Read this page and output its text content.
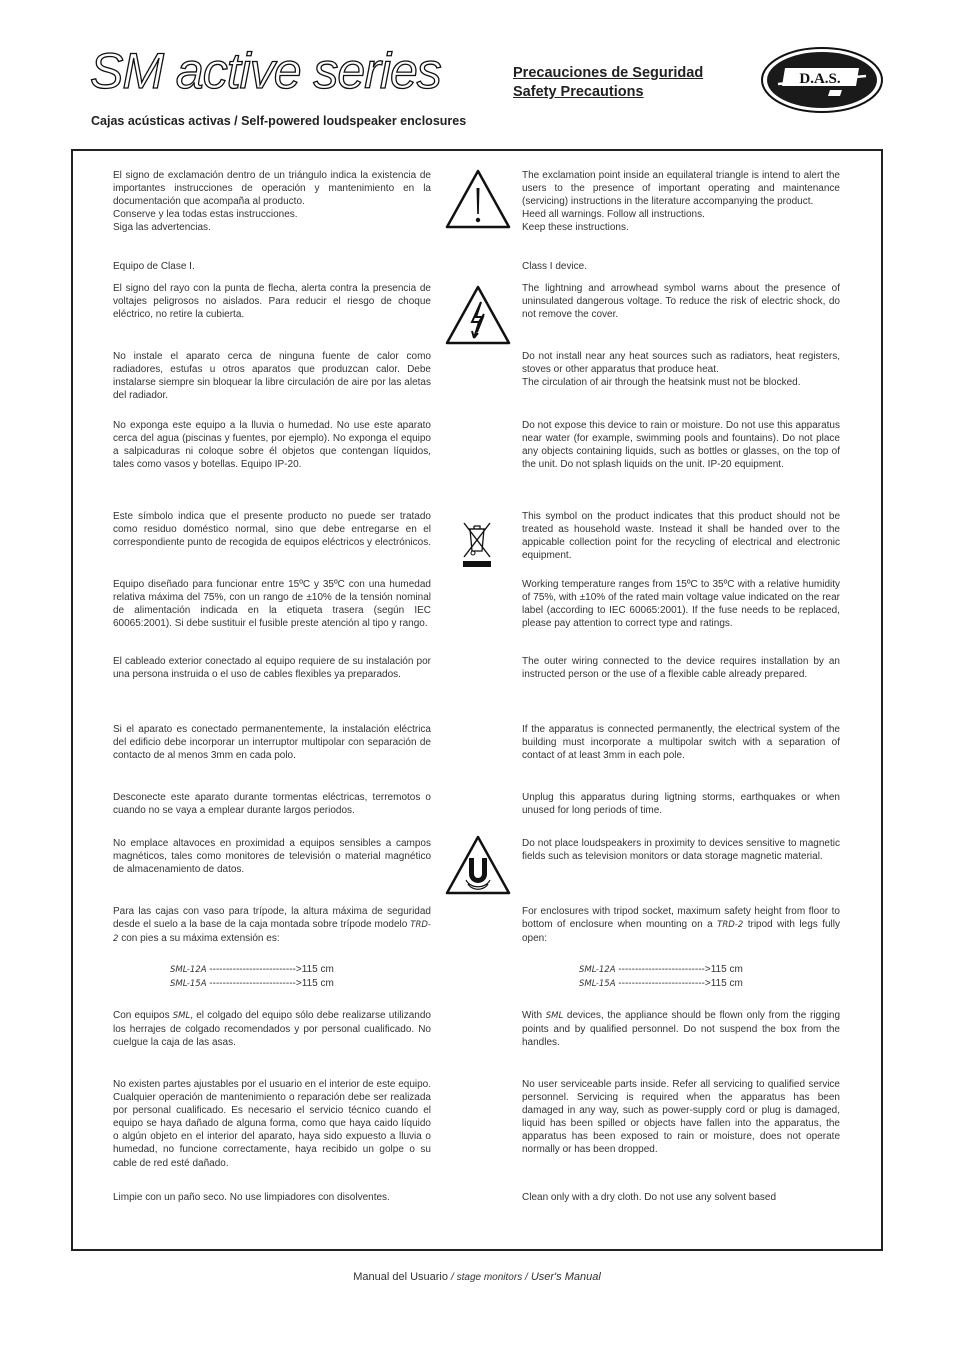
SM active series	Precauciones de Seguridad
Safety Precautions
D.A.S.
Cajas acústicas activas / Self-powered loudspeaker enclosures

El signo de exclamación dentro de un triángulo indica la existencia de importantes instrucciones de operación y mantenimiento en la documentación que acompaña al producto.

Conserve y lea todas estas instrucciones.

Siga las advertencias.

Equipo de Clase I.

El signo del rayo con la punta de flecha, alerta contra la presencia de voltajes peligrosos no aislados. Para reducir el riesgo de choque eléctrico, no retire la cubierta.

No instale el aparato cerca de ninguna fuente de calor como radiadores, estufas u otros aparatos que produzcan calor. Debe instalarse siempre sin bloquear la libre circulación de aire por las aletas del radiador.

No exponga este equipo a la lluvia o humedad. No use este aparato cerca del agua (piscinas y fuentes, por ejemplo). No exponga el equipo a salpicaduras ni coloque sobre él objetos que contengan líquidos, tales como vasos y botellas. Equipo IP-20.

Este símbolo indica que el presente producto no puede ser tratado como residuo doméstico normal, sino que debe entregarse en el correspondiente punto de recogida de equipos eléctricos y electrónicos.

Equipo diseñado para funcionar entre 15ºC y 35ºC con una humedad relativa máxima del 75%, con un rango de ±10% de la tensión nominal de alimentación indicada en la etiqueta trasera (según IEC 60065:2001). Si debe sustituir el fusible preste atención al tipo y rango.

El cableado exterior conectado al equipo requiere de su instalación por una persona instruida o el uso de cables flexibles ya preparados.

Si el aparato es conectado permanentemente, la instalación eléctrica del edificio debe incorporar un interruptor multipolar con separación de contacto de al menos 3mm en cada polo.

Desconecte este aparato durante tormentas eléctricas, terremotos o cuando no se vaya a emplear durante largos periodos.

No emplace altavoces en proximidad a equipos sensibles a campos magnéticos, tales como monitores de televisión o material magnético de almacenamiento de datos.

Para las cajas con vaso para trípode, la altura máxima de seguridad desde el suelo a la base de la caja montada sobre trípode modelo TRD-2 con pies a su máxima extensión es:

Con equipos SML, el colgado del equipo sólo debe realizarse utilizando los herrajes de colgado recomendados y por personal cualificado. No cuelgue la caja de las asas.

No existen partes ajustables por el usuario en el interior de este equipo. Cualquier operación de mantenimiento o reparación debe ser realizada por personal cualificado. Es necesario el servicio técnico cuando el equipo se haya dañado de alguna forma, como que haya caido líquido o algún objeto en el interior del aparato, haya sido expuesto a lluvia o humedad, no funcione correctamente, haya recibido un golpe o su cable de red esté dañado.

Limpie con un paño seco. No use limpiadores con disolventes.

SML-12A -------------------------->115 cm
SML-15A -------------------------->115 cm

The exclamation point inside an equilateral triangle is intend to alert the users to the presence of important operating and maintenance (servicing) instructions in the literature accompanying the product.

Heed all warnings. Follow all instructions.

Keep these instructions.

Class I device.

The lightning and arrowhead symbol warns about the presence of uninsulated dangerous voltage. To reduce the risk of electric shock, do not remove the cover.

Do not install near any heat sources such as radiators, heat registers, stoves or other apparatus that produce heat.

The circulation of air through the heatsink must not be blocked.

Do not expose this device to rain or moisture. Do not use this apparatus near water (for example, swimming pools and fountains). Do not place any objects containing liquids, such as bottles or glasses, on the top of the unit. Do not splash liquids on the unit. IP-20 equipment.

This symbol on the product indicates that this product should not be treated as household waste. Instead it shall be handed over to the appicable collection point for the recycling of electrical and electronic equipment.

Working temperature ranges from 15ºC to 35ºC with a relative humidity of 75%, with ±10% of the rated main voltage value indicated on the rear label (according to IEC 60065:2001). If the fuse needs to be replaced, please pay attention to correct type and ratings.

The outer wiring connected to the device requires installation by an instructed person or the use of a flexible cable already prepared.

If the apparatus is connected permanently, the electrical system of the building must incorporate a multipolar switch with a separation of contact of at least 3mm in each pole.

Unplug this apparatus during ligtning storms, earthquakes or when unused for long periods of time.

Do not place loudspeakers in proximity to devices sensitive to magnetic fields such as television monitors or data storage magnetic material.

For enclosures with tripod socket, maximum safety height from floor to bottom of enclosure when mounting on a TRD-2 tripod with legs fully open:

With SML devices, the appliance should be flown only from the rigging points and by qualified personnel. Do not suspend the box from the handles.

No user serviceable parts inside. Refer all servicing to qualified service personnel. Servicing is required when the apparatus has been damaged in any way, such as power-supply cord or plug is damaged, liquid has been spilled or objects have fallen into the apparatus, the apparatus has been exposed to rain or moisture, does not operate normally or has been dropped.

Clean only with a dry cloth. Do not use any solvent based

SML-12A -------------------------->115 cm
SML-15A -------------------------->115 cm
Manual del Usuario / stage monitors / User's Manual
